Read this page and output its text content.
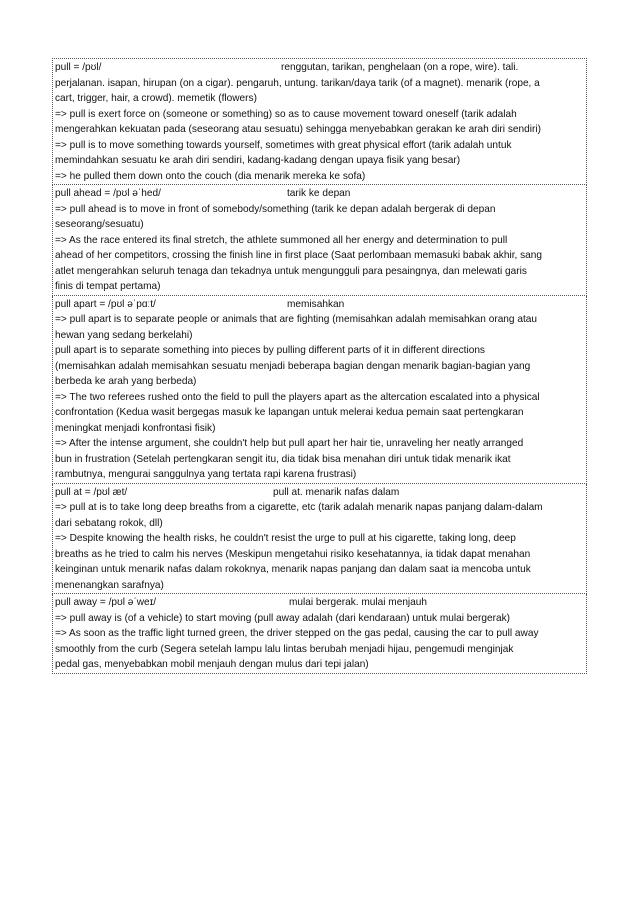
pull = /pʊl/	renggutan, tarikan, penghelaan (on a rope, wire). tali.
perjalanan. isapan, hirupan (on a cigar). pengaruh, untung. tarikan/daya tarik (of a magnet). menarik (rope, a
cart, trigger, hair, a crowd). memetik (flowers)
=> pull is exert force on (someone or something) so as to cause movement toward oneself (tarik adalah
mengerahkan kekuatan pada (seseorang atau sesuatu) sehingga menyebabkan gerakan ke arah diri sendiri)
=> pull is to move something towards yourself, sometimes with great physical effort (tarik adalah untuk
memindahkan sesuatu ke arah diri sendiri, kadang-kadang dengan upaya fisik yang besar)
=> he pulled them down onto the couch (dia menarik mereka ke sofa)
pull ahead = /pʊl əˈhed/	tarik ke depan
=> pull ahead is to move in front of somebody/something (tarik ke depan adalah bergerak di depan
seseorang/sesuatu)
=> As the race entered its final stretch, the athlete summoned all her energy and determination to pull
ahead of her competitors, crossing the finish line in first place (Saat perlombaan memasuki babak akhir, sang
atlet mengerahkan seluruh tenaga dan tekadnya untuk mengungguli para pesaingnya, dan melewati garis
finis di tempat pertama)
pull apart = /pʊl əˈpɑːt/	memisahkan
=> pull apart is to separate people or animals that are fighting (memisahkan adalah memisahkan orang atau
hewan yang sedang berkelahi)
pull apart is to separate something into pieces by pulling different parts of it in different directions
(memisahkan adalah memisahkan sesuatu menjadi beberapa bagian dengan menarik bagian-bagian yang
berbeda ke arah yang berbeda)
=> The two referees rushed onto the field to pull the players apart as the altercation escalated into a physical
confrontation (Kedua wasit bergegas masuk ke lapangan untuk melerai kedua pemain saat pertengkaran
meningkat menjadi konfrontasi fisik)
=> After the intense argument, she couldn't help but pull apart her hair tie, unraveling her neatly arranged
bun in frustration (Setelah pertengkaran sengit itu, dia tidak bisa menahan diri untuk tidak menarik ikat
rambutnya, mengurai sanggulnya yang tertata rapi karena frustrasi)
pull at = /pʊl æt/	pull at. menarik nafas dalam
=> pull at is to take long deep breaths from a cigarette, etc (tarik adalah menarik napas panjang dalam-dalam
dari sebatang rokok, dll)
=> Despite knowing the health risks, he couldn't resist the urge to pull at his cigarette, taking long, deep
breaths as he tried to calm his nerves (Meskipun mengetahui risiko kesehatannya, ia tidak dapat menahan
keinginan untuk menarik nafas dalam rokoknya, menarik napas panjang dan dalam saat ia mencoba untuk
menenangkan sarafnya)
pull away = /pʊl əˈweɪ/	mulai bergerak. mulai menjauh
=> pull away is (of a vehicle) to start moving (pull away adalah (dari kendaraan) untuk mulai bergerak)
=> As soon as the traffic light turned green, the driver stepped on the gas pedal, causing the car to pull away
smoothly from the curb (Segera setelah lampu lalu lintas berubah menjadi hijau, pengemudi menginjak
pedal gas, menyebabkan mobil menjauh dengan mulus dari tepi jalan)
